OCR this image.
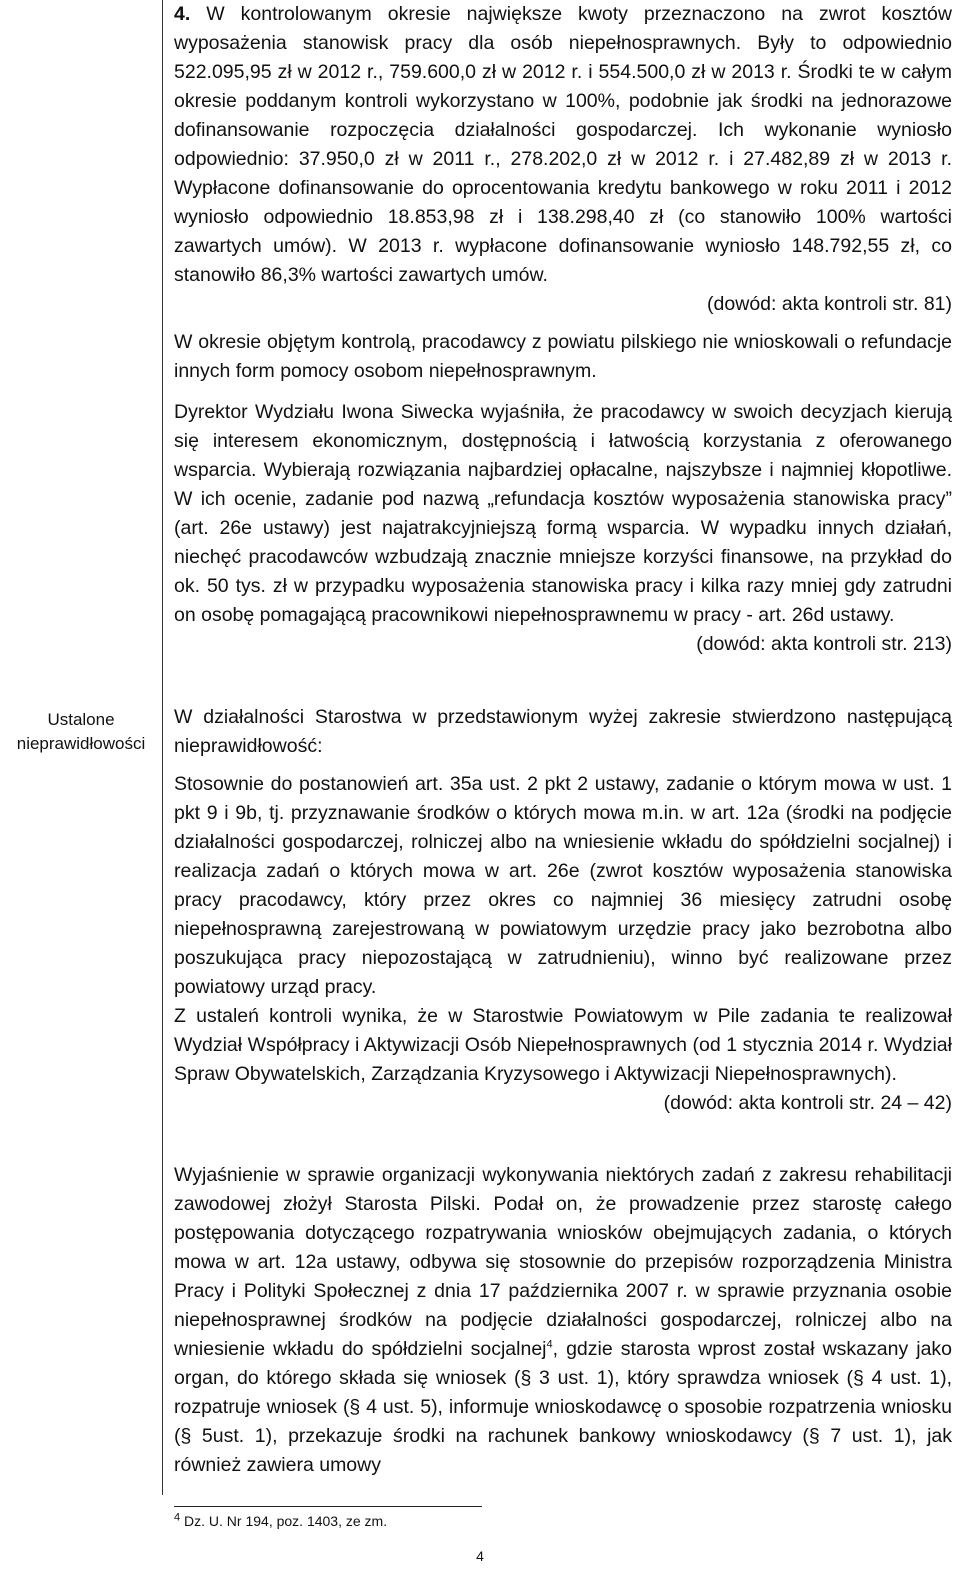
Ustalone nieprawidłowości

4. W kontrolowanym okresie największe kwoty przeznaczono na zwrot kosztów wyposażenia stanowisk pracy dla osób niepełnosprawnych. Były to odpowiednio 522.095,95 zł w 2012 r., 759.600,0 zł w 2012 r. i 554.500,0 zł w 2013 r. Środki te w całym okresie poddanym kontroli wykorzystano w 100%, podobnie jak środki na jednorazowe dofinansowanie rozpoczęcia działalności gospodarczej. Ich wykonanie wyniosło odpowiednio: 37.950,0 zł w 2011 r., 278.202,0 zł w 2012 r. i 27.482,89 zł w 2013 r. Wypłacone dofinansowanie do oprocentowania kredytu bankowego w roku 2011 i 2012 wyniosło odpowiednio 18.853,98 zł i 138.298,40 zł (co stanowiło 100% wartości zawartych umów). W 2013 r. wypłacone dofinansowanie wyniosło 148.792,55 zł, co stanowiło 86,3% wartości zawartych umów.

(dowód: akta kontroli str. 81)

W okresie objętym kontrolą, pracodawcy z powiatu pilskiego nie wnioskowali o refundacje innych form pomocy osobom niepełnosprawnym.

Dyrektor Wydziału Iwona Siwecka wyjaśniła, że pracodawcy w swoich decyzjach kierują się interesem ekonomicznym, dostępnością i łatwością korzystania z oferowanego wsparcia. Wybierają rozwiązania najbardziej opłacalne, najszybsze i najmniej kłopotliwe. W ich ocenie, zadanie pod nazwą „refundacja kosztów wyposażenia stanowiska pracy” (art. 26e ustawy) jest najatrakcyjniejszą formą wsparcia. W wypadku innych działań, niechęć pracodawców wzbudzają znacznie mniejsze korzyści finansowe, na przykład do ok. 50 tys. zł w przypadku wyposażenia stanowiska pracy i kilka razy mniej gdy zatrudni on osobę pomagającą pracownikowi niepełnosprawnemu w pracy - art. 26d ustawy.

(dowód: akta kontroli str. 213)

W działalności Starostwa w przedstawionym wyżej zakresie stwierdzono następującą nieprawidłowość:

Stosownie do postanowień art. 35a ust. 2 pkt 2 ustawy, zadanie o którym mowa w ust. 1 pkt 9 i 9b, tj. przyznawanie środków o których mowa m.in. w art. 12a (środki na podjęcie działalności gospodarczej, rolniczej albo na wniesienie wkładu do spółdzielni socjalnej) i realizacja zadań o których mowa w art. 26e (zwrot kosztów wyposażenia stanowiska pracy pracodawcy, który przez okres co najmniej 36 miesięcy zatrudni osobę niepełnosprawną zarejestrowaną w powiatowym urzędzie pracy jako bezrobotna albo poszukująca pracy niepozostającą w zatrudnieniu), winno być realizowane przez powiatowy urząd pracy.

Z ustaleń kontroli wynika, że w Starostwie Powiatowym w Pile zadania te realizował Wydział Współpracy i Aktywizacji Osób Niepełnosprawnych (od 1 stycznia 2014 r. Wydział Spraw Obywatelskich, Zarządzania Kryzysowego i Aktywizacji Niepełnosprawnych).

(dowód: akta kontroli str. 24 – 42)

Wyjaśnienie w sprawie organizacji wykonywania niektórych zadań z zakresu rehabilitacji zawodowej złożył Starosta Pilski. Podał on, że prowadzenie przez starostę całego postępowania dotyczącego rozpatrywania wniosków obejmujących zadania, o których mowa w art. 12a ustawy, odbywa się stosownie do przepisów rozporządzenia Ministra Pracy i Polityki Społecznej z dnia 17 października 2007 r. w sprawie przyznania osobie niepełnosprawnej środków na podjęcie działalności gospodarczej, rolniczej albo na wniesienie wkładu do spółdzielni socjalnej$^4$, gdzie starosta wprost został wskazany jako organ, do którego składa się wniosek (§ 3 ust. 1), który sprawdza wniosek (§ 4 ust. 1), rozpatruje wniosek (§ 4 ust. 5), informuje wnioskodawcę o sposobie rozpatrzenia wniosku (§ 5ust. 1), przekazuje środki na rachunek bankowy wnioskodawcy (§ 7 ust. 1), jak również zawiera umowy

$^4$ Dz. U. Nr 194, poz. 1403, ze zm.
4
